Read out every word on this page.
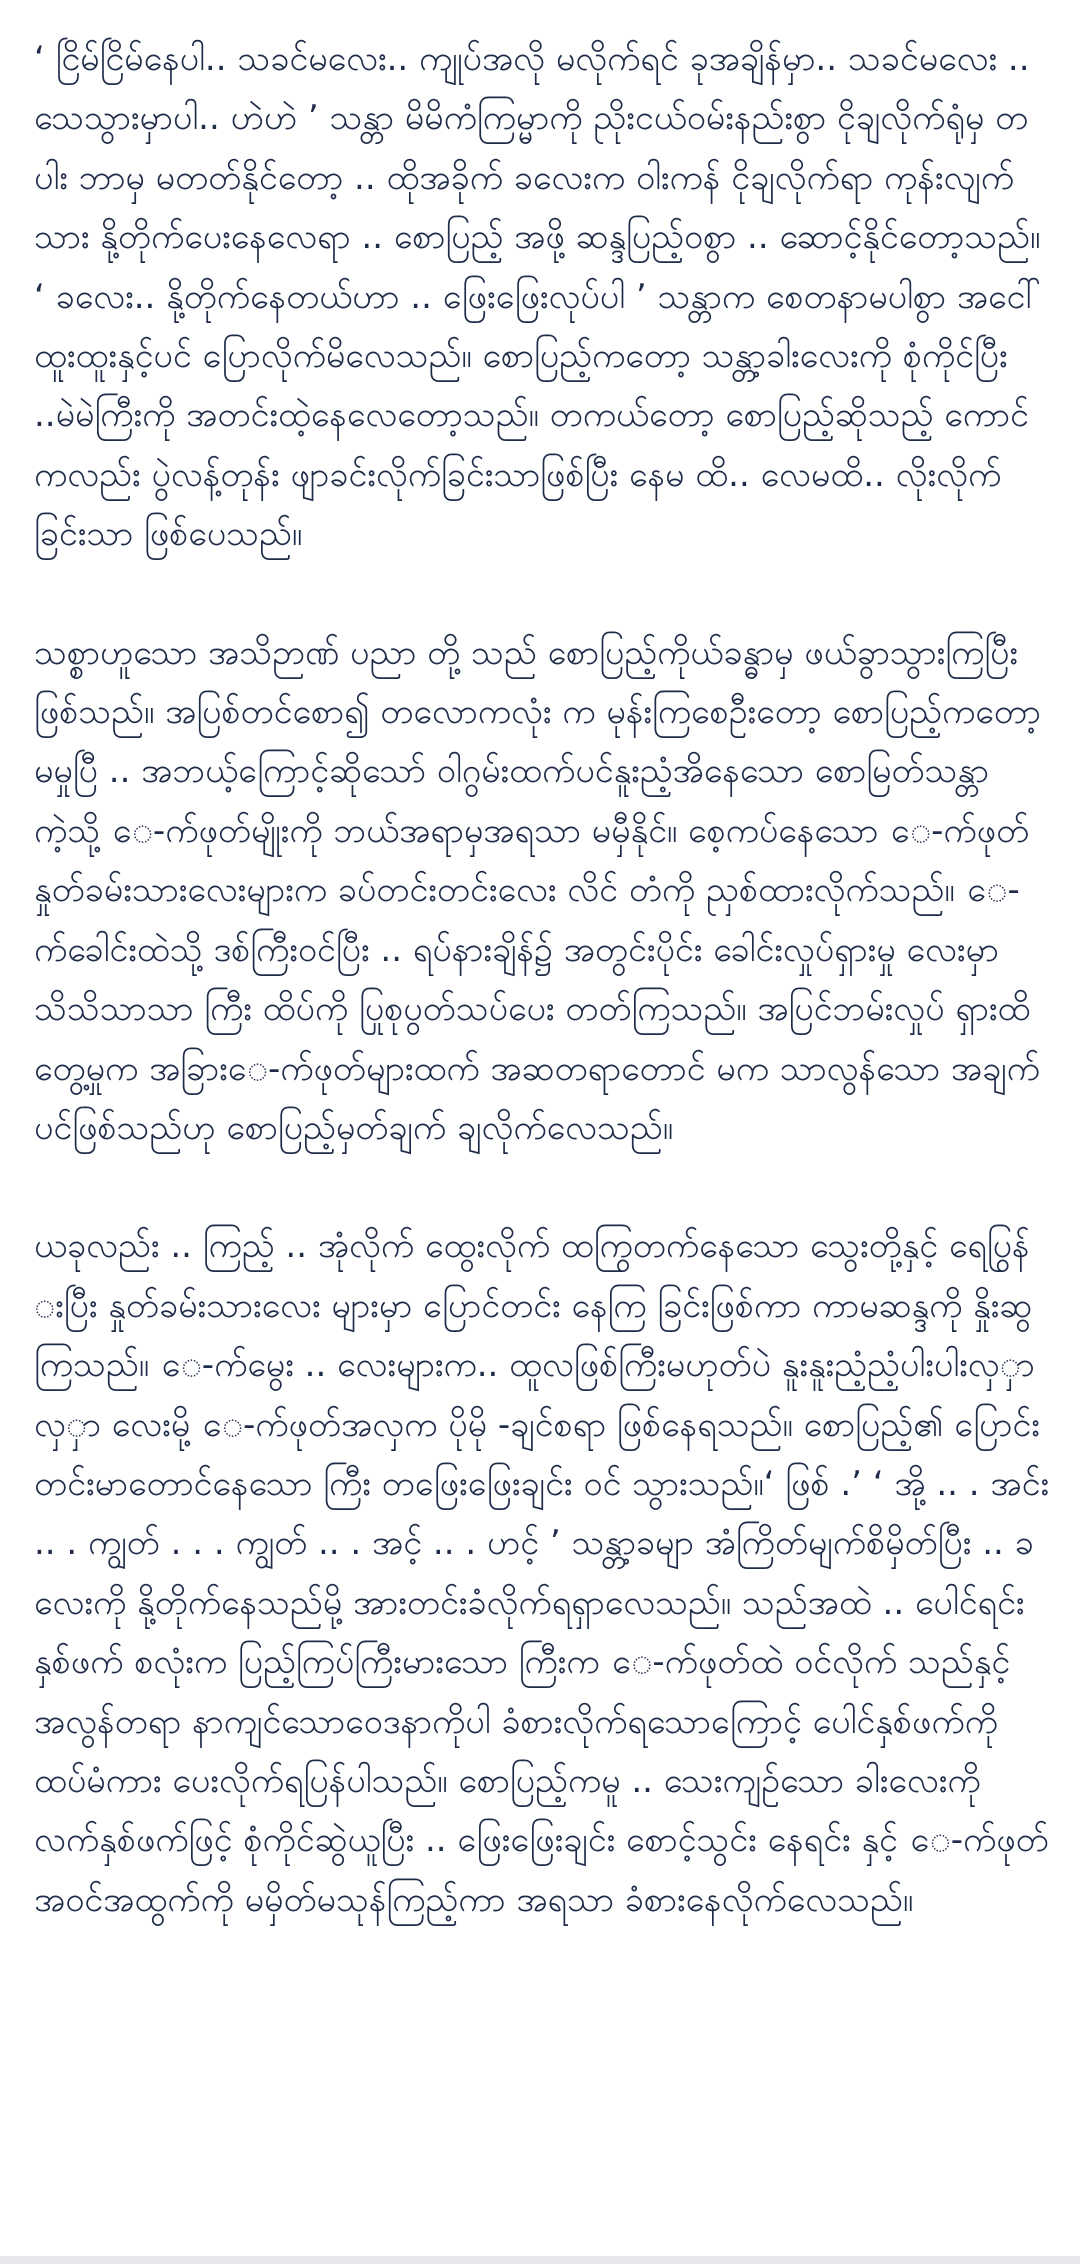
‘ ငြိမ်ငြိမ်နေပါ.. သခင်မလေး.. ကျုပ်အလို မလိုက်ရင် ခုအချိန်မှာ.. သခင်မလေး .. သေသွားမှာပါ.. ဟဲဟဲ ’ သန္တာ မိမိကံကြမ္မာကို ညိုးငယ်ဝမ်းနည်းစွာ ငိုချလိုက်ရုံမှ တပါး ဘာမှ မတတ်နိုင်တော့ .. ထိုအခိုက် ခလေးက ဝါးကန် ငိုချလိုက်ရာ ကုန်းလျက်သား နို့တိုက်ပေးနေလေရာ .. စောပြည့် အဖို့ ဆန္ဒပြည့်ဝစွာ .. ဆောင့်နိုင်တော့သည်။ ‘ ခလေး.. နို့တိုက်နေတယ်ဟာ .. ဖြေးဖြေးလုပ်ပါ ’ သန္တာက စေတနာမပါစွာ အငေါ်ထူးထူးနှင့်ပင် ပြောလိုက်မိလေသည်။ စောပြည့်ကတော့ သန္တာ့ခါးလေးကို စုံကိုင်ပြီး ..မဲမဲကြီးကို အတင်းထဲ့နေလေတော့သည်။ တကယ်တော့ စောပြည့်ဆိုသည့် ကောင်ကလည်း ပွဲလန့်တုန်း ဖျာခင်းလိုက်ခြင်းသာဖြစ်ပြီး နေမ ထိ.. လေမထိ.. လိုးလိုက်ခြင်းသာ ဖြစ်ပေသည်။

သစ္စာဟူသော အသိဉာဏ် ပညာ တို့ သည် စောပြည့်ကိုယ်ခန္ဓာမှ ဖယ်ခွာသွားကြပြီးဖြစ်သည်။ အပြစ်တင်စော၍ တလောကလုံး က မုန်းကြစေဦးတော့ စောပြည့်ကတော့ မမှုပြီ .. အဘယ့်ကြောင့်ဆိုသော် ဝါဂွမ်းထက်ပင်နူးညံ့အိနေသော စောမြတ်သန္တာကဲ့သို့ ေ-က်ဖုတ်မျိုးကို ဘယ်အရာမှအရသာ မမှီနိုင်။ စေ့ကပ်နေသော ေ-က်ဖုတ် နှုတ်ခမ်းသားလေးများက ခပ်တင်းတင်းလေး လိင် တံကို ညှစ်ထားလိုက်သည်။ ေ-က်ခေါင်းထဲသို့ ဒစ်ကြီးဝင်ပြီး .. ရပ်နားချိန်၌ အတွင်းပိုင်း ခေါင်းလှုပ်ရှားမှု လေးမှာ သိသိသာသာ ကြီး ထိပ်ကို ပြုစုပွတ်သပ်ပေး တတ်ကြသည်။ အပြင်ဘမ်းလှုပ် ရှားထိတွေ့မှုက အခြားေ-က်ဖုတ်များထက် အဆတရာတောင် မက သာလွန်သော အချက်ပင်ဖြစ်သည်ဟု စောပြည့်မှတ်ချက် ချလိုက်လေသည်။

ယခုလည်း .. ကြည့် .. အုံလိုက် ထွေးလိုက် ထကြွတက်နေသော သွေးတို့နှင့် ရေပြွန် းပြီး နှုတ်ခမ်းသားလေး များမှာ ပြောင်တင်း နေကြ ခြင်းဖြစ်ကာ ကာမဆန္ဒကို နှိုးဆွကြသည်။ ေ-က်မွေး .. လေးများက.. ထူလဖြစ်ကြီးမဟုတ်ပဲ နူးနူးညံ့ညံ့ပါးပါးလှှာလှှာ လေးမို့ ေ-က်ဖုတ်အလှက ပိုမို -ချင်စရာ ဖြစ်နေရသည်။ စောပြည့်၏ ပြောင်းတင်းမာတောင်နေသော ကြီး တဖြေးဖြေးချင်း ဝင် သွားသည်။‘ ဖြစ် .’ ‘ အို့ .. . အင်း .. . ကျွတ် . . . ကျွတ် .. . အင့် .. . ဟင့် ’ သန္တာ့ခမျာ အံကြိတ်မျက်စိမှိတ်ပြီး .. ခလေးကို နို့တိုက်နေသည်မို့ အားတင်းခံလိုက်ရရှာလေသည်။ သည်အထဲ .. ပေါင်ရင်းနှစ်ဖက် စလုံးက ပြည့်ကြပ်ကြီးမားသော ကြီးက ေ-က်ဖုတ်ထဲ ဝင်လိုက် သည်နှင့် အလွန်တရာ နာကျင်သောဝေဒနာကိုပါ ခံစားလိုက်ရသောကြောင့် ပေါင်နှစ်ဖက်ကို ထပ်မံကား ပေးလိုက်ရပြန်ပါသည်။ စောပြည့်ကမူ .. သေးကျဉ်သော ခါးလေးကို လက်နှစ်ဖက်ဖြင့် စုံကိုင်ဆွဲယူပြီး .. ဖြေးဖြေးချင်း စောင့်သွင်း နေရင်း နှင့် ေ-က်ဖုတ် အဝင်အထွက်ကို မမှိတ်မသုန်ကြည့်ကာ အရသာ ခံစားနေလိုက်လေသည်။
